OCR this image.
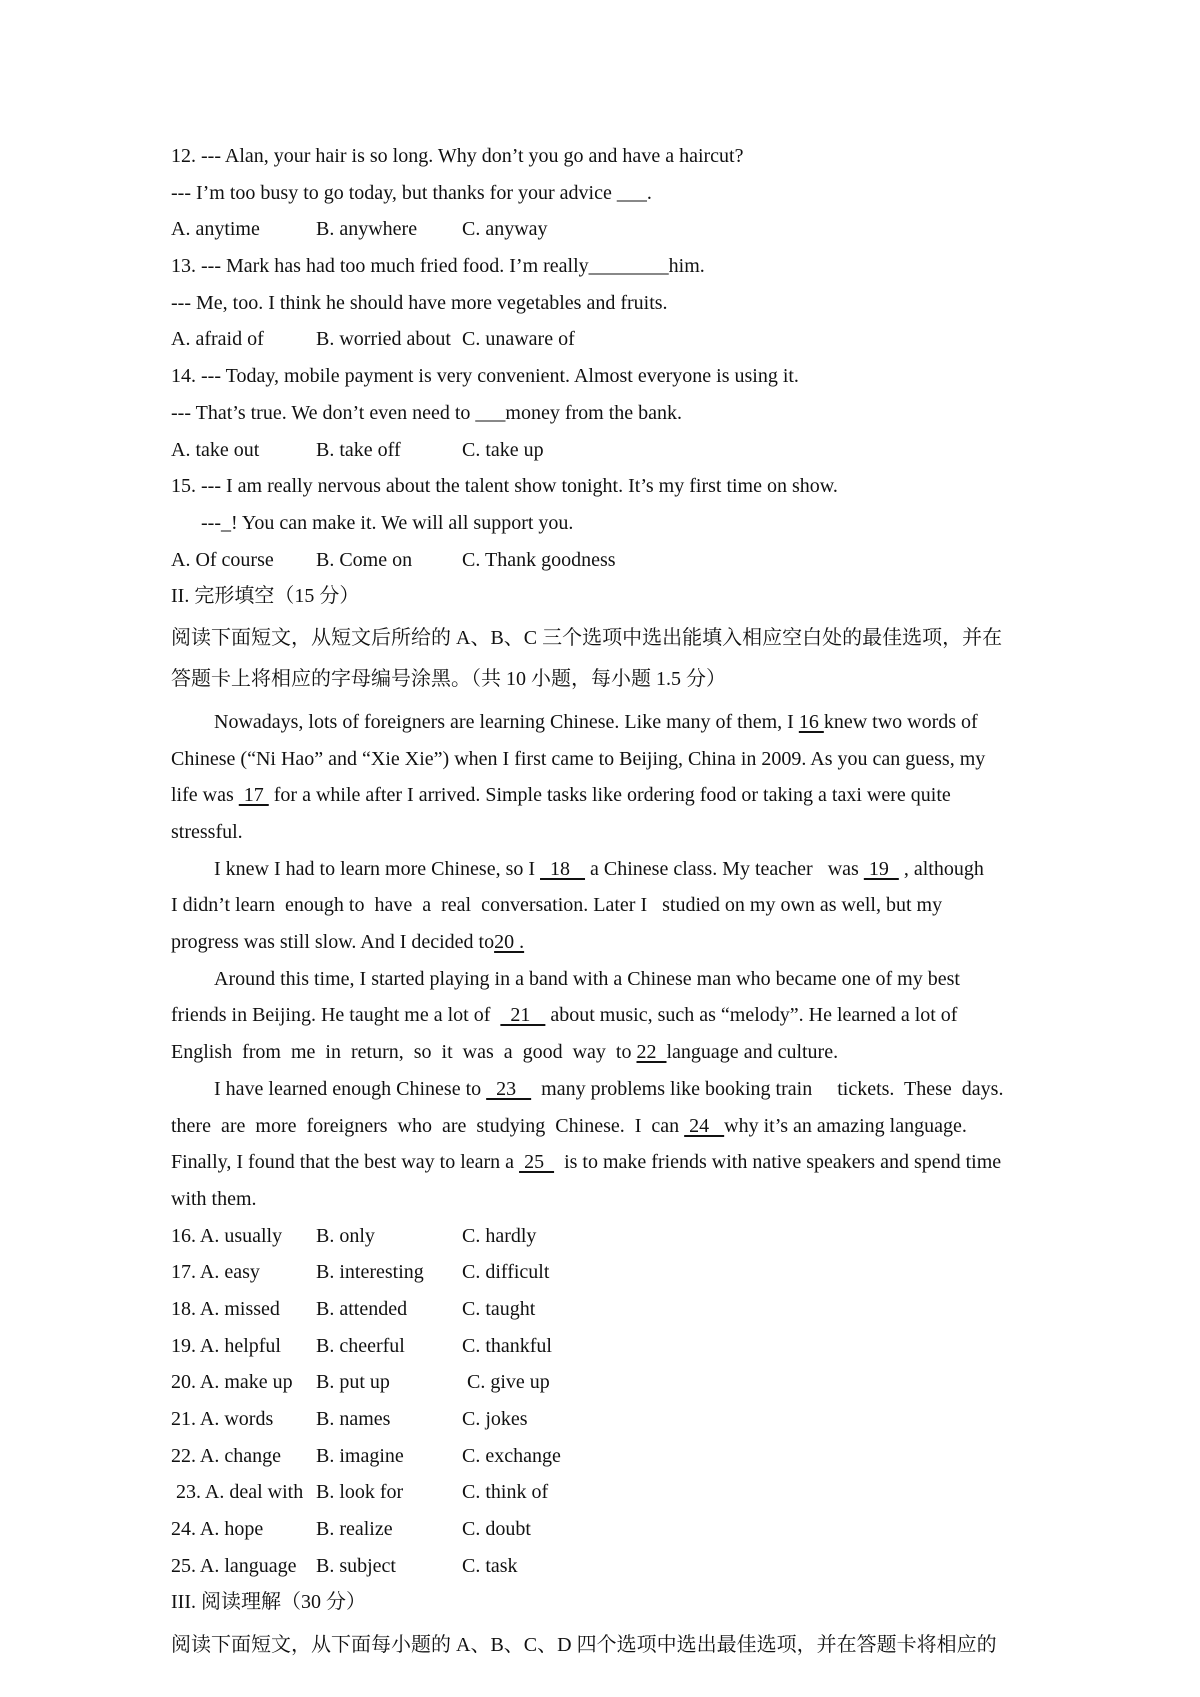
12. --- Alan, your hair is so long. Why don’t you go and have a haircut?
--- I’m too busy to go today, but thanks for your advice ___.
A. anytime	B. anywhere C. anyway
13. --- Mark has had too much fried food. I’m really________him.
--- Me, too. I think he should have more vegetables and fruits.
A. afraid of	B. worried about C. unaware of
14. --- Today, mobile payment is very convenient. Almost everyone is using it.
--- That’s true. We don’t even need to ___money from the bank.
A. take out	B. take off	C. take up
15. --- I am really nervous about the talent show tonight. It’s my first time on show.
---_! You can make it. We will all support you.
A. Of course B. Come on C. Thank goodness
II. 完形填空（15 分）
阅读下面短文，从短文后所给的 A、B、C 三个选项中选出能填入相应空白处的最佳选项，并在
答题卡上将相应的字母编号涂黑。（共 10 小题，每小题 1.5 分）
Nowadays, lots of foreigners are learning Chinese. Like many of them, I 16 knew two words of
Chinese (“Ni Hao” and “Xie Xie”) when I first came to Beijing, China in 2009. As you can guess, my
life was  17  for a while after I arrived. Simple tasks like ordering food or taking a taxi were quite
stressful.
I knew I had to learn more Chinese, so I   18    a Chinese class. My teacher   was  19   , although
I didn’t learn  enough to  have  a  real  conversation. Later I   studied on my own as well, but my
progress was still slow. And I decided to20 .
Around this time, I started playing in a band with a Chinese man who became one of my best
friends in Beijing. He taught me a lot of    21    about music, such as “melody”. He learned a lot of
English  from  me  in  return,  so  it  was  a  good  way  to 22  language and culture.
I have learned enough Chinese to   23     many problems like booking train     tickets.  These  days.
there  are  more  foreigners  who  are  studying  Chinese.  I  can  24   why it’s an amazing language.
Finally, I found that the best way to learn a  25    is to make friends with native speakers and spend time
with them.
16. A. usually B. only	C. hardly
17. A. easy	B. interesting C. difficult
18. A. missed B. attended	C. taught
19. A. helpful B. cheerful	C. thankful
20. A. make up B. put up	C. give up
21. A. words B. names	C. jokes
22. A. change B. imagine	C. exchange
23. A. deal with B. look for	C. think of
24. A. hope	B. realize	C. doubt
25. A. language B. subject	C. task
III. 阅读理解（30 分）
阅读下面短文，从下面每小题的 A、B、C、D 四个选项中选出最佳选项，并在答题卡将相应的
